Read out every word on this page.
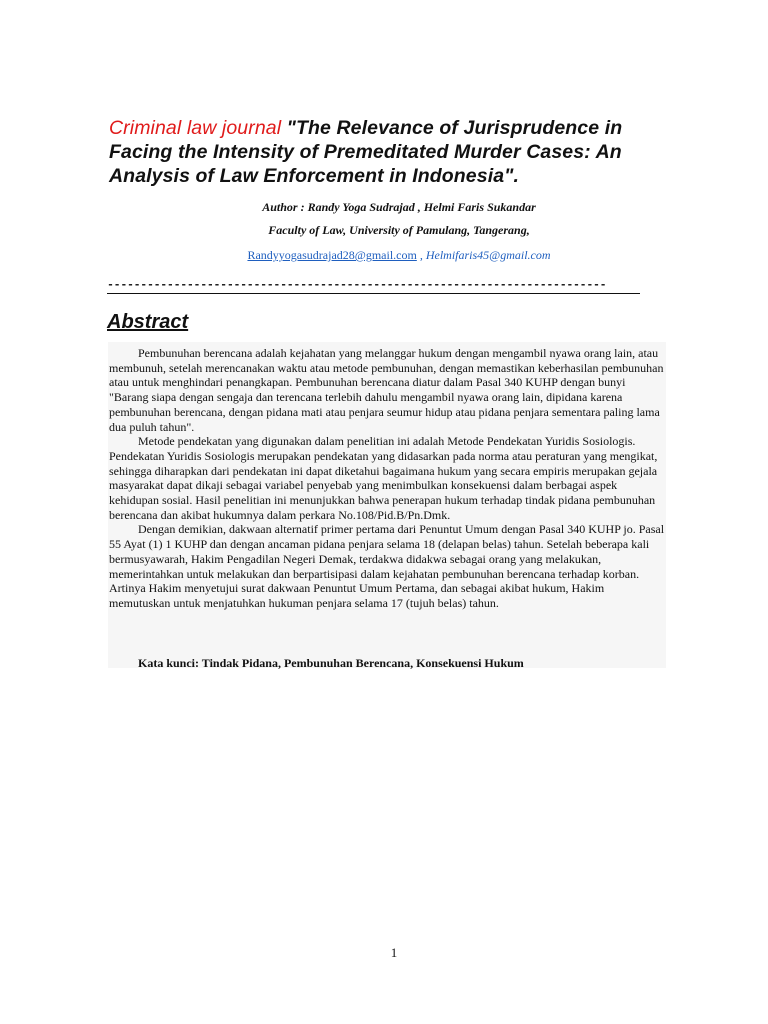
Criminal law journal "The Relevance of Jurisprudence in Facing the Intensity of Premeditated Murder Cases: An Analysis of Law Enforcement in Indonesia".
Author : Randy Yoga Sudrajad , Helmi Faris Sukandar
Faculty of Law, University of Pamulang, Tangerang,
Randyyogasudrajad28@gmail.com , Helmifaris45@gmail.com
---------------------------------------------------------------------------
Abstract

Pembunuhan berencana adalah kejahatan yang melanggar hukum dengan mengambil nyawa orang lain, atau membunuh, setelah merencanakan waktu atau metode pembunuhan, dengan memastikan keberhasilan pembunuhan atau untuk menghindari penangkapan. Pembunuhan berencana diatur dalam Pasal 340 KUHP dengan bunyi "Barang siapa dengan sengaja dan terencana terlebih dahulu mengambil nyawa orang lain, dipidana karena pembunuhan berencana, dengan pidana mati atau penjara seumur hidup atau pidana penjara sementara paling lama dua puluh tahun".

Metode pendekatan yang digunakan dalam penelitian ini adalah Metode Pendekatan Yuridis Sosiologis. Pendekatan Yuridis Sosiologis merupakan pendekatan yang didasarkan pada norma atau peraturan yang mengikat, sehingga diharapkan dari pendekatan ini dapat diketahui bagaimana hukum yang secara empiris merupakan gejala masyarakat dapat dikaji sebagai variabel penyebab yang menimbulkan konsekuensi dalam berbagai aspek kehidupan sosial. Hasil penelitian ini menunjukkan bahwa penerapan hukum terhadap tindak pidana pembunuhan berencana dan akibat hukumnya dalam perkara No.108/Pid.B/Pn.Dmk.

Dengan demikian, dakwaan alternatif primer pertama dari Penuntut Umum dengan Pasal 340 KUHP jo. Pasal 55 Ayat (1) 1 KUHP dan dengan ancaman pidana penjara selama 18 (delapan belas) tahun. Setelah beberapa kali bermusyawarah, Hakim Pengadilan Negeri Demak, terdakwa didakwa sebagai orang yang melakukan, memerintahkan untuk melakukan dan berpartisipasi dalam kejahatan pembunuhan berencana terhadap korban. Artinya Hakim menyetujui surat dakwaan Penuntut Umum Pertama, dan sebagai akibat hukum, Hakim memutuskan untuk menjatuhkan hukuman penjara selama 17 (tujuh belas) tahun.

Kata kunci: Tindak Pidana, Pembunuhan Berencana, Konsekuensi Hukum
1
